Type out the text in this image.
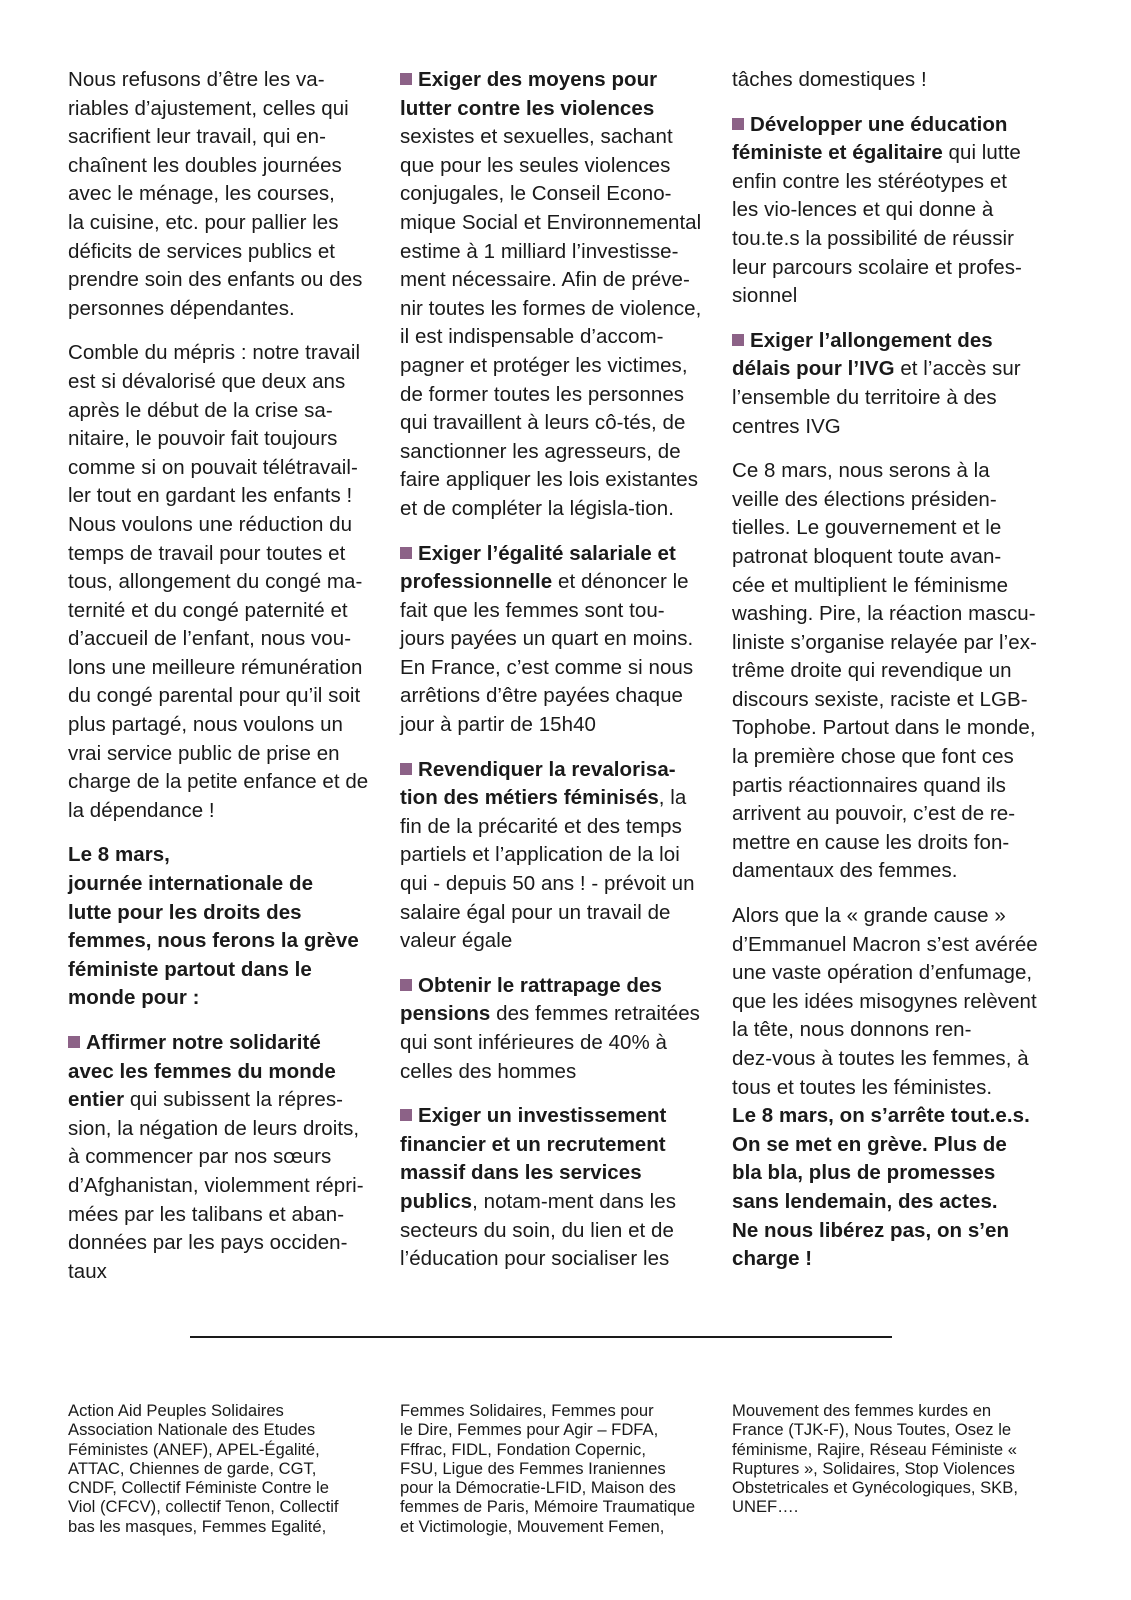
Nous refusons d’être les va-
riables d’ajustement, celles qui
sacrifient leur travail, qui en-
chaînent les doubles journées
avec le ménage, les courses,
la cuisine, etc. pour pallier les
déficits de services publics et
prendre soin des enfants ou des
personnes dépendantes.

Comble du mépris : notre travail
est si dévalorisé que deux ans
après le début de la crise sa-
nitaire, le pouvoir fait toujours
comme si on pouvait télétravail-
ler tout en gardant les enfants !
Nous voulons une réduction du
temps de travail pour toutes et
tous, allongement du congé ma-
ternité et du congé paternité et
d’accueil de l’enfant, nous vou-
lons une meilleure rémunération
du congé parental pour qu’il soit
plus partagé, nous voulons un
vrai service public de prise en
charge de la petite enfance et de
la dépendance !

Le 8 mars,
journée internationale de
lutte pour les droits des
femmes, nous ferons la grève
féministe partout dans le
monde pour :

Affirmer notre solidarité
avec les femmes du monde
entier qui subissent la répres-
sion, la négation de leurs droits,
à commencer par nos sœurs
d’Afghanistan, violemment répri-
mées par les talibans et aban-
données par les pays occiden-
taux

Exiger des moyens pour
lutter contre les violences
sexistes et sexuelles, sachant
que pour les seules violences
conjugales, le Conseil Econo-
mique Social et Environnemental
estime à 1 milliard l’investisse-
ment nécessaire. Afin de préve-
nir toutes les formes de violence,
il est indispensable d’accom-
pagner et protéger les victimes,
de former toutes les personnes
qui travaillent à leurs cô-tés, de
sanctionner les agresseurs, de
faire appliquer les lois existantes
et de compléter la législa-tion.

Exiger l’égalité salariale et
professionnelle et dénoncer le
fait que les femmes sont tou-
jours payées un quart en moins.
En France, c’est comme si nous
arrêtions d’être payées chaque
jour à partir de 15h40

Revendiquer la revalorisa-
tion des métiers féminisés, la
fin de la précarité et des temps
partiels et l’application de la loi
qui - depuis 50 ans ! - prévoit un
salaire égal pour un travail de
valeur égale

Obtenir le rattrapage des
pensions des femmes retraitées
qui sont inférieures de 40% à
celles des hommes

Exiger un investissement
financier et un recrutement
massif dans les services
publics, notam-ment dans les
secteurs du soin, du lien et de
l’éducation pour socialiser les

tâches domestiques !

Développer une éducation
féministe et égalitaire qui lutte
enfin contre les stéréotypes et
les vio-lences et qui donne à
tou.te.s la possibilité de réussir
leur parcours scolaire et profes-
sionnel

Exiger l’allongement des
délais pour l’IVG et l’accès sur
l’ensemble du territoire à des
centres IVG

Ce 8 mars, nous serons à la
veille des élections présiden-
tielles. Le gouvernement et le
patronat bloquent toute avan-
cée et multiplient le féminisme
washing. Pire, la réaction mascu-
liniste s’organise relayée par l’ex-
trême droite qui revendique un
discours sexiste, raciste et LGB-
Tophobe. Partout dans le monde,
la première chose que font ces
partis réactionnaires quand ils
arrivent au pouvoir, c’est de re-
mettre en cause les droits fon-
damentaux des femmes.

Alors que la « grande cause »
d’Emmanuel Macron s’est avérée
une vaste opération d’enfumage,
que les idées misogynes relèvent
la tête, nous donnons ren-
dez-vous à toutes les femmes, à
tous et toutes les féministes.
Le 8 mars, on s’arrête tout.e.s.
On se met en grève. Plus de
bla bla, plus de promesses
sans lendemain, des actes.
Ne nous libérez pas, on s’en
charge !

Action Aid Peuples Solidaires
Association Nationale des Etudes
Féministes (ANEF), APEL-Égalité,
ATTAC, Chiennes de garde, CGT,
CNDF, Collectif Féministe Contre le
Viol (CFCV), collectif Tenon, Collectif
bas les masques, Femmes Egalité,
Femmes Solidaires, Femmes pour
le Dire, Femmes pour Agir – FDFA,
Fffrac, FIDL, Fondation Copernic,
FSU, Ligue des Femmes Iraniennes
pour la Démocratie-LFID, Maison des
femmes de Paris, Mémoire Traumatique
et Victimologie, Mouvement Femen,
Mouvement des femmes kurdes en
France (TJK-F), Nous Toutes, Osez le
féminisme, Rajire, Réseau Féministe «
Ruptures », Solidaires, Stop Violences
Obstetricales et Gynécologiques, SKB,
UNEF….
